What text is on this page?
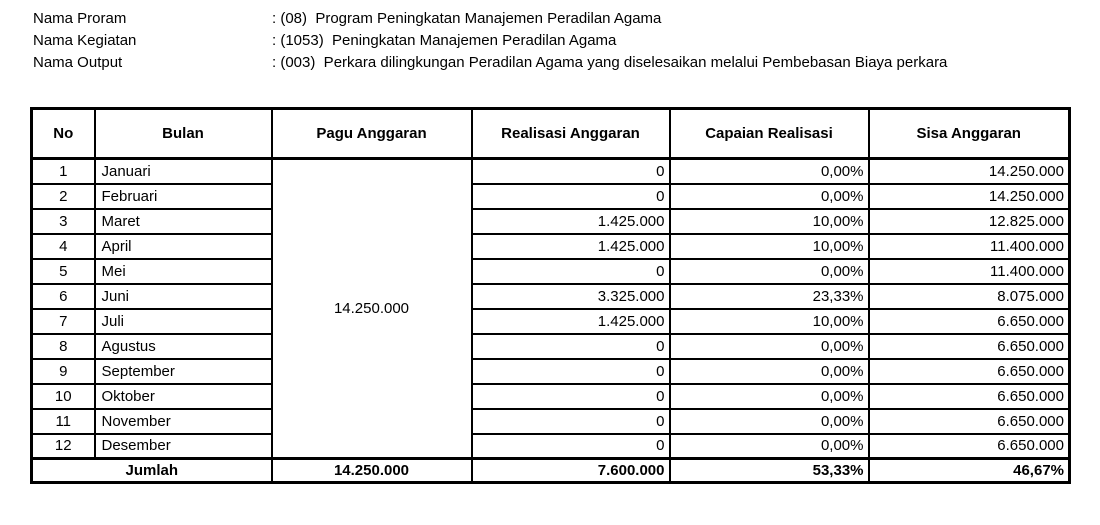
Nama Proram	: (08)  Program Peningkatan Manajemen Peradilan Agama
Nama Kegiatan	: (1053)  Peningkatan Manajemen Peradilan Agama
Nama Output	: (003)  Perkara dilingkungan Peradilan Agama yang diselesaikan melalui Pembebasan Biaya perkara
No	Bulan	Pagu Anggaran	Realisasi Anggaran	Capaian Realisasi	Sisa Anggaran
1	Januari	14.250.000	0	0,00%	14.250.000
2	Februari		0	0,00%	14.250.000
3	Maret		1.425.000	10,00%	12.825.000
4	April		1.425.000	10,00%	11.400.000
5	Mei		0	0,00%	11.400.000
6	Juni		3.325.000	23,33%	8.075.000
7	Juli		1.425.000	10,00%	6.650.000
8	Agustus		0	0,00%	6.650.000
9	September		0	0,00%	6.650.000
10	Oktober		0	0,00%	6.650.000
11	November		0	0,00%	6.650.000
12	Desember		0	0,00%	6.650.000
Jumlah		14.250.000	7.600.000	53,33%	46,67%
